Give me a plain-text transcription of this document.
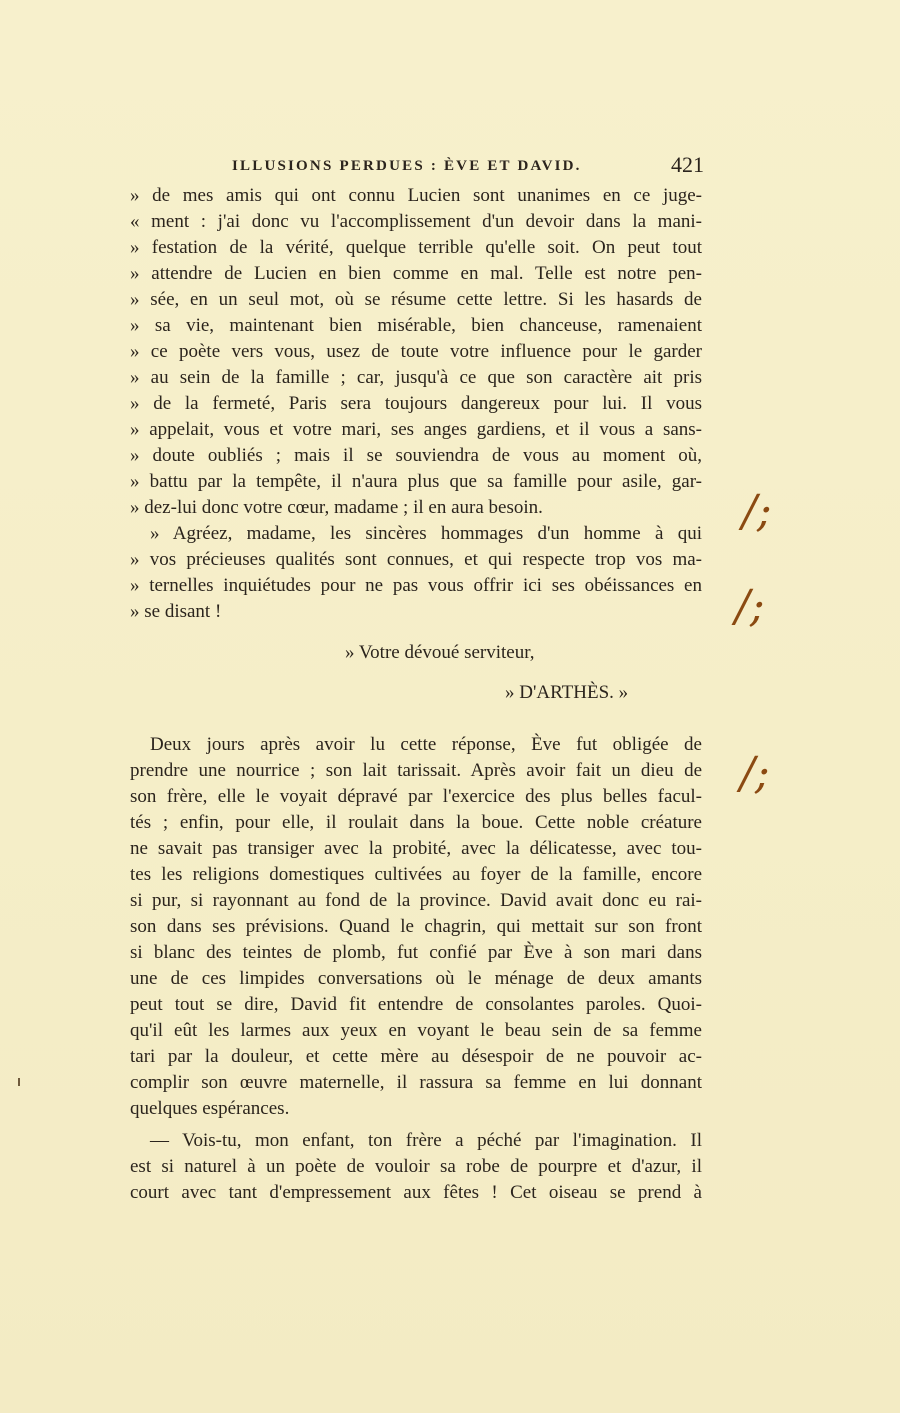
ILLUSIONS PERDUES : ÈVE ET DAVID.	421
» de mes amis qui ont connu Lucien sont unanimes en ce juge-
« ment : j'ai donc vu l'accomplissement d'un devoir dans la mani-
» festation de la vérité, quelque terrible qu'elle soit. On peut tout
» attendre de Lucien en bien comme en mal. Telle est notre pen-
» sée, en un seul mot, où se résume cette lettre. Si les hasards de
» sa vie, maintenant bien misérable, bien chanceuse, ramenaient
» ce poète vers vous, usez de toute votre influence pour le garder
» au sein de la famille ; car, jusqu'à ce que son caractère ait pris
» de la fermeté, Paris sera toujours dangereux pour lui. Il vous
» appelait, vous et votre mari, ses anges gardiens, et il vous a sans-
» doute oubliés ; mais il se souviendra de vous au moment où,
» battu par la tempête, il n'aura plus que sa famille pour asile, gar-
» dez-lui donc votre cœur, madame ; il en aura besoin.
» Agréez, madame, les sincères hommages d'un homme à qui
» vos précieuses qualités sont connues, et qui respecte trop vos ma-
» ternelles inquiétudes pour ne pas vous offrir ici ses obéissances en
» se disant !
» Votre dévoué serviteur,
» D'ARTHÈS. »
Deux jours après avoir lu cette réponse, Ève fut obligée de
prendre une nourrice ; son lait tarissait. Après avoir fait un dieu de
son frère, elle le voyait dépravé par l'exercice des plus belles facul-
tés ; enfin, pour elle, il roulait dans la boue. Cette noble créature
ne savait pas transiger avec la probité, avec la délicatesse, avec tou-
tes les religions domestiques cultivées au foyer de la famille, encore
si pur, si rayonnant au fond de la province. David avait donc eu rai-
son dans ses prévisions. Quand le chagrin, qui mettait sur son front
si blanc des teintes de plomb, fut confié par Ève à son mari dans
une de ces limpides conversations où le ménage de deux amants
peut tout se dire, David fit entendre de consolantes paroles. Quoi-
qu'il eût les larmes aux yeux en voyant le beau sein de sa femme
tari par la douleur, et cette mère au désespoir de ne pouvoir ac-
complir son œuvre maternelle, il rassura sa femme en lui donnant
quelques espérances.
— Vois-tu, mon enfant, ton frère a péché par l'imagination. Il
est si naturel à un poète de vouloir sa robe de pourpre et d'azur, il
court avec tant d'empressement aux fêtes ! Cet oiseau se prend à
/;
/;
/;
